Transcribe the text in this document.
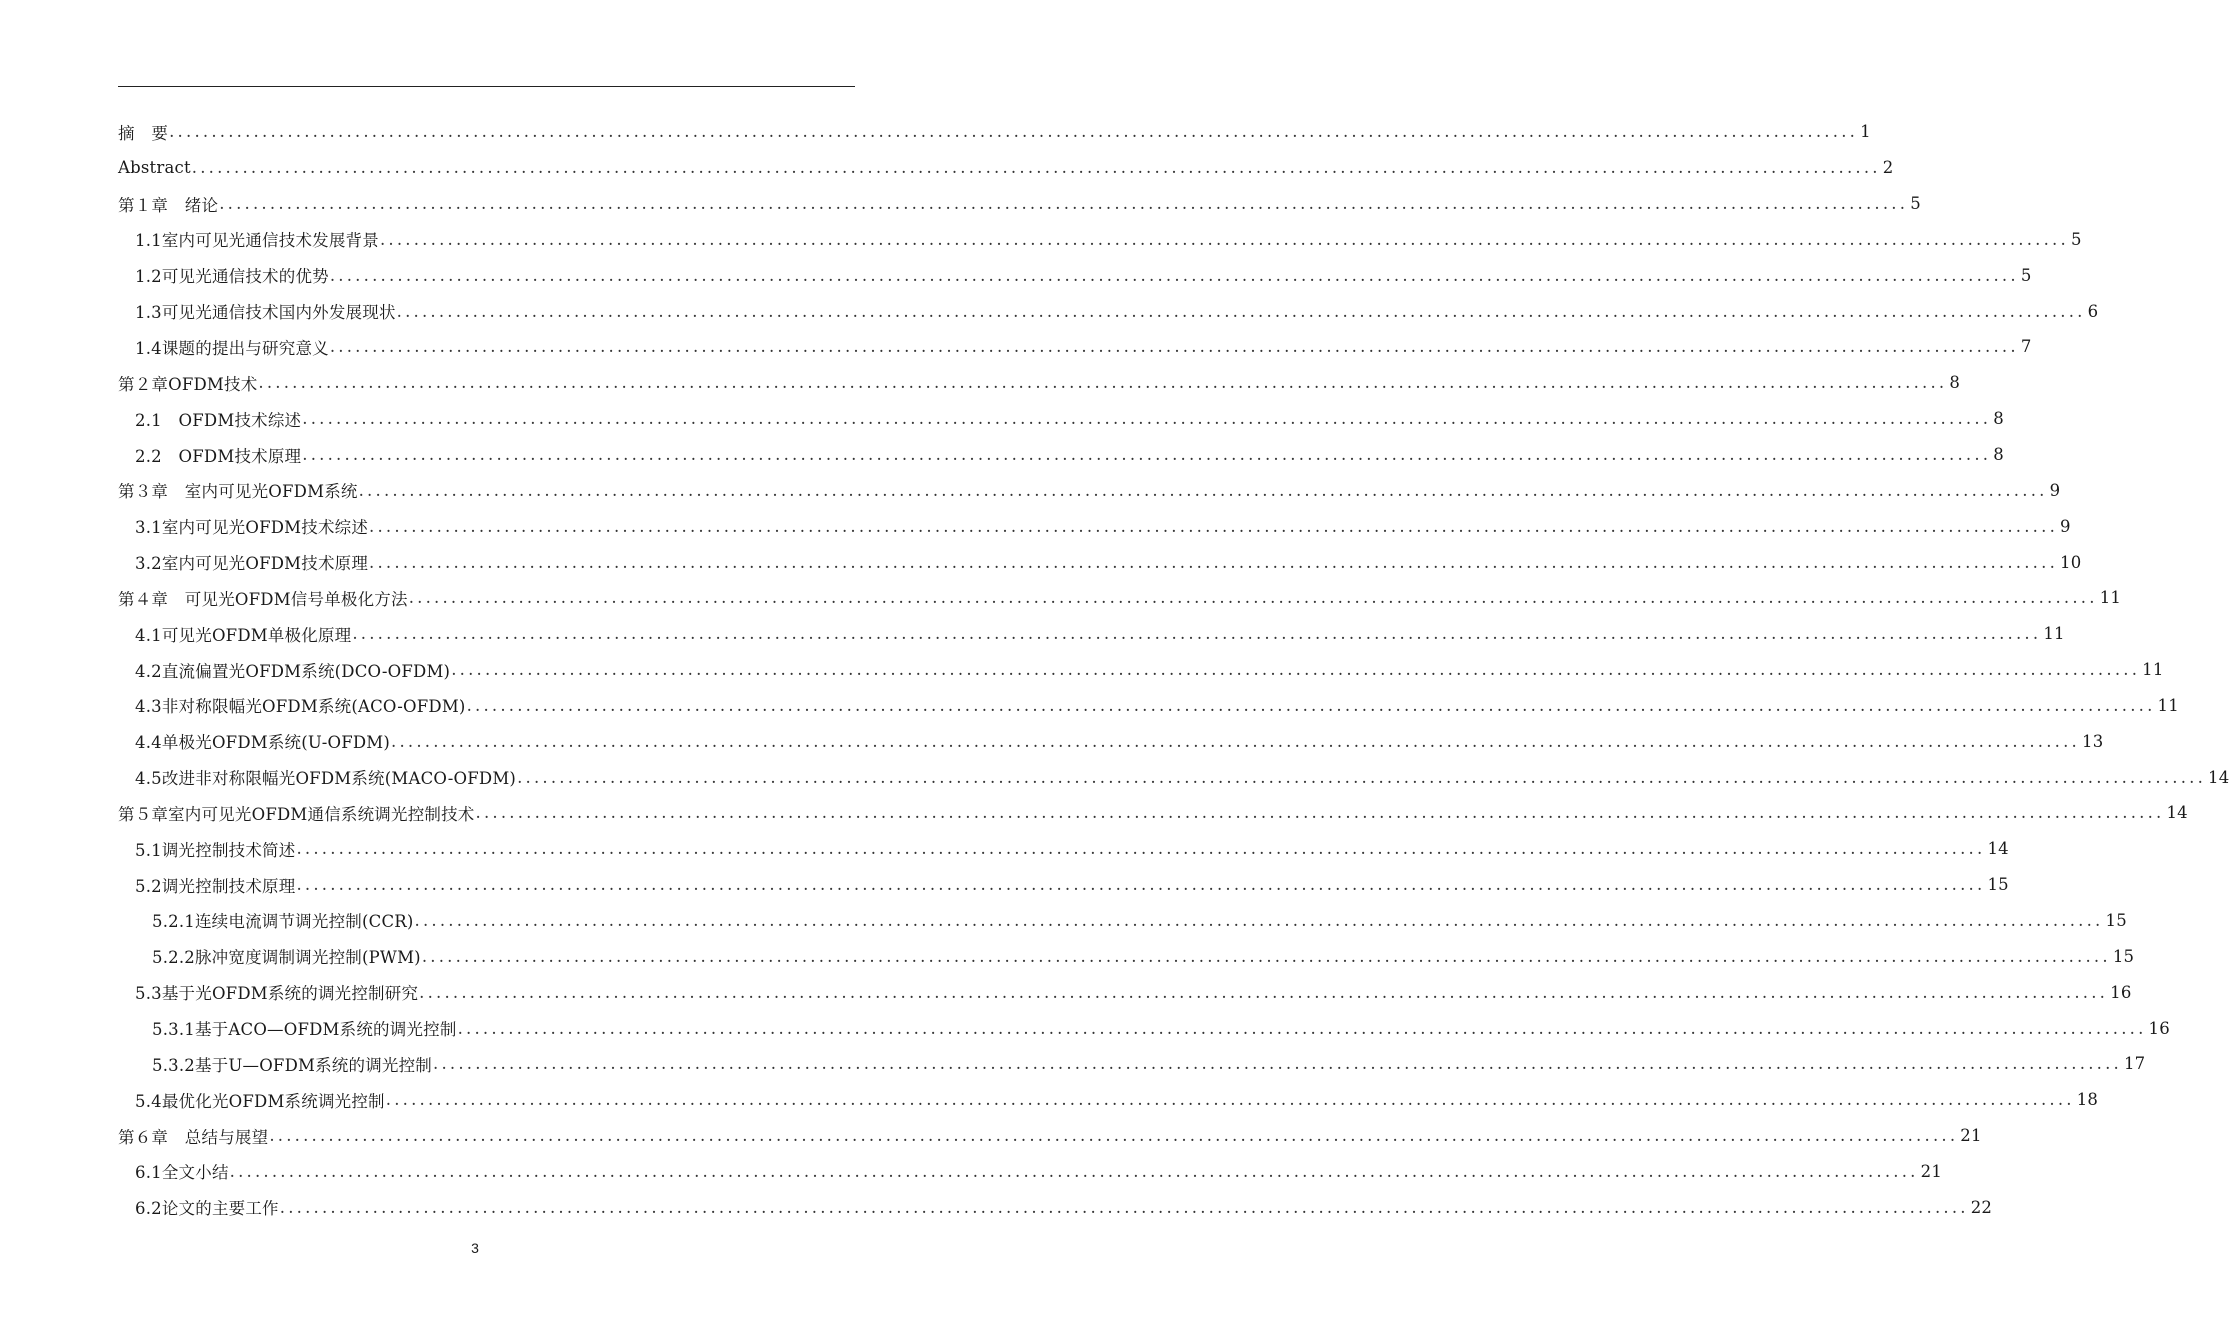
摘　要 ........................................................................................................................................................................................................ 1
Abstract ........................................................................................................................................................................................................ 2
第１章　绪论 ........................................................................................................................................................................................................ 5
1.1室内可见光通信技术发展背景 ........................................................................................................................................................................................................ 5
1.2可见光通信技术的优势 ........................................................................................................................................................................................................ 5
1.3可见光通信技术国内外发展现状 ........................................................................................................................................................................................................ 6
1.4课题的提出与研究意义 ........................................................................................................................................................................................................ 7
第２章OFDM技术 ........................................................................................................................................................................................................ 8
2.1　OFDM技术综述 ........................................................................................................................................................................................................ 8
2.2　OFDM技术原理 ........................................................................................................................................................................................................ 8
第３章　室内可见光OFDM系统 ........................................................................................................................................................................................................ 9
3.1室内可见光OFDM技术综述 ........................................................................................................................................................................................................ 9
3.2室内可见光OFDM技术原理 ........................................................................................................................................................................................................ 10
第４章　可见光OFDM信号单极化方法 ........................................................................................................................................................................................................ 11
4.1可见光OFDM单极化原理 ........................................................................................................................................................................................................ 11
4.2直流偏置光OFDM系统(DCO-OFDM) ........................................................................................................................................................................................................ 11
4.3非对称限幅光OFDM系统(ACO-OFDM) ........................................................................................................................................................................................................ 11
4.4单极光OFDM系统(U-OFDM) ........................................................................................................................................................................................................ 13
4.5改进非对称限幅光OFDM系统(MACO-OFDM) ........................................................................................................................................................................................................ 14
第５章室内可见光OFDM通信系统调光控制技术 ........................................................................................................................................................................................................ 14
5.1调光控制技术简述 ........................................................................................................................................................................................................ 14
5.2调光控制技术原理 ........................................................................................................................................................................................................ 15
5.2.1连续电流调节调光控制(CCR) ........................................................................................................................................................................................................ 15
5.2.2脉冲宽度调制调光控制(PWM) ........................................................................................................................................................................................................ 15
5.3基于光OFDM系统的调光控制研究 ........................................................................................................................................................................................................ 16
5.3.1基于ACO—OFDM系统的调光控制 ........................................................................................................................................................................................................ 16
5.3.2基于U—OFDM系统的调光控制 ........................................................................................................................................................................................................ 17
5.4最优化光OFDM系统调光控制 ........................................................................................................................................................................................................ 18
第６章　总结与展望 ........................................................................................................................................................................................................ 21
6.1全文小结 ........................................................................................................................................................................................................ 21
6.2论文的主要工作 ........................................................................................................................................................................................................ 22
3
